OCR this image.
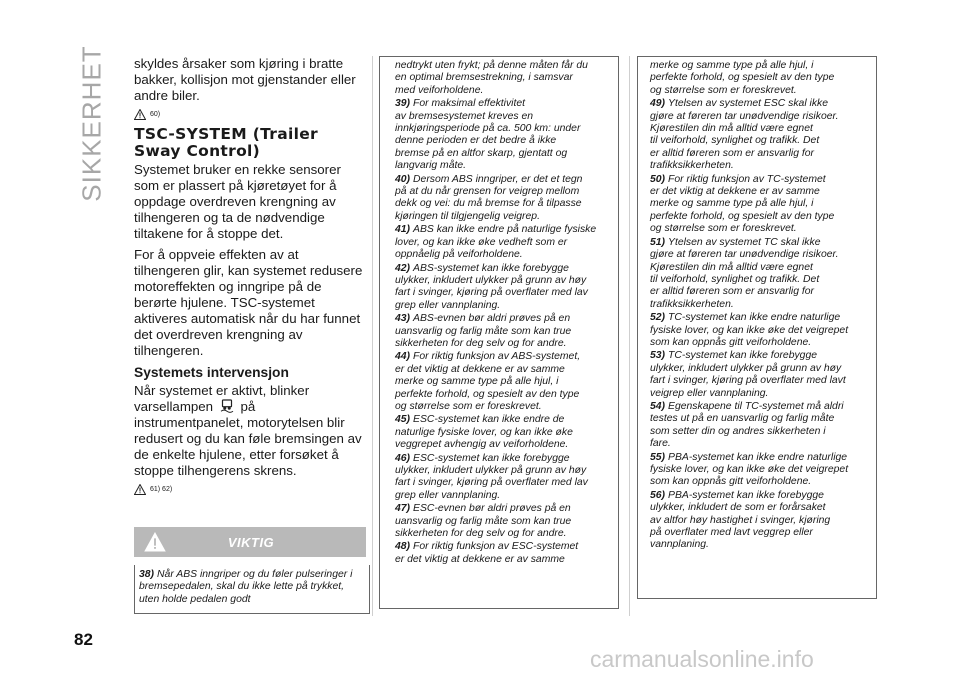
SIKKERHET
82

skyldes årsaker som kjøring i bratte bakker, kollisjon mot gjenstander eller andre biler.

60)
TSC-SYSTEM (Trailer Sway Control)

Systemet bruker en rekke sensorer som er plassert på kjøretøyet for å oppdage overdreven krengning av tilhengeren og ta de nødvendige tiltakene for å stoppe det.

For å oppveie effekten av at tilhengeren glir, kan systemet redusere motoreffekten og inngripe på de berørte hjulene. TSC-systemet aktiveres automatisk når du har funnet det overdreven krengning av tilhengeren.

Systemets intervensjon

Når systemet er aktivt, blinker varsellampen på instrumentpanelet, motorytelsen blir redusert og du kan føle bremsingen av de enkelte hjulene, etter forsøket å stoppe tilhengerens skrens.

61) 62)
VIKTIG

38) Når ABS inngriper og du føler pulseringer i bremsepedalen, skal du ikke lette på trykket, uten holde pedalen godt

nedtrykt uten frykt; på denne måten får du
en optimal bremsestrekning, i samsvar
med veiforholdene.

39) For maksimal effektivitet
av bremsesystemet kreves en
innkjøringsperiode på ca. 500 km: under
denne perioden er det bedre å ikke
bremse på en altfor skarp, gjentatt og
langvarig måte.

40) Dersom ABS inngriper, er det et tegn
på at du når grensen for veigrep mellom
dekk og vei: du må bremse for å tilpasse
kjøringen til tilgjengelig veigrep.

41) ABS kan ikke endre på naturlige fysiske
lover, og kan ikke øke vedheft som er
oppnåelig på veiforholdene.

42) ABS-systemet kan ikke forebygge
ulykker, inkludert ulykker på grunn av høy
fart i svinger, kjøring på overflater med lav
grep eller vannplaning.

43) ABS-evnen bør aldri prøves på en
uansvarlig og farlig måte som kan true
sikkerheten for deg selv og for andre.

44) For riktig funksjon av ABS-systemet,
er det viktig at dekkene er av samme
merke og samme type på alle hjul, i
perfekte forhold, og spesielt av den type
og størrelse som er foreskrevet.

45) ESC-systemet kan ikke endre de
naturlige fysiske lover, og kan ikke øke
veggrepet avhengig av veiforholdene.

46) ESC-systemet kan ikke forebygge
ulykker, inkludert ulykker på grunn av høy
fart i svinger, kjøring på overflater med lav
grep eller vannplaning.

47) ESC-evnen bør aldri prøves på en
uansvarlig og farlig måte som kan true
sikkerheten for deg selv og for andre.

48) For riktig funksjon av ESC-systemet
er det viktig at dekkene er av samme

merke og samme type på alle hjul, i
perfekte forhold, og spesielt av den type
og størrelse som er foreskrevet.

49) Ytelsen av systemet ESC skal ikke
gjøre at føreren tar unødvendige risikoer.
Kjørestilen din må alltid være egnet
til veiforhold, synlighet og trafikk. Det
er alltid føreren som er ansvarlig for
trafikksikkerheten.

50) For riktig funksjon av TC-systemet
er det viktig at dekkene er av samme
merke og samme type på alle hjul, i
perfekte forhold, og spesielt av den type
og størrelse som er foreskrevet.

51) Ytelsen av systemet TC skal ikke
gjøre at føreren tar unødvendige risikoer.
Kjørestilen din må alltid være egnet
til veiforhold, synlighet og trafikk. Det
er alltid føreren som er ansvarlig for
trafikksikkerheten.

52) TC-systemet kan ikke endre naturlige
fysiske lover, og kan ikke øke det veigrepet
som kan oppnås gitt veiforholdene.

53) TC-systemet kan ikke forebygge
ulykker, inkludert ulykker på grunn av høy
fart i svinger, kjøring på overflater med lavt
veigrep eller vannplaning.

54) Egenskapene til TC-systemet må aldri
testes ut på en uansvarlig og farlig måte
som setter din og andres sikkerheten i
fare.

55) PBA-systemet kan ikke endre naturlige
fysiske lover, og kan ikke øke det veigrepet
som kan oppnås gitt veiforholdene.

56) PBA-systemet kan ikke forebygge
ulykker, inkludert de som er forårsaket
av altfor høy hastighet i svinger, kjøring
på overflater med lavt veggrep eller
vannplaning.

carmanualsonline.info
